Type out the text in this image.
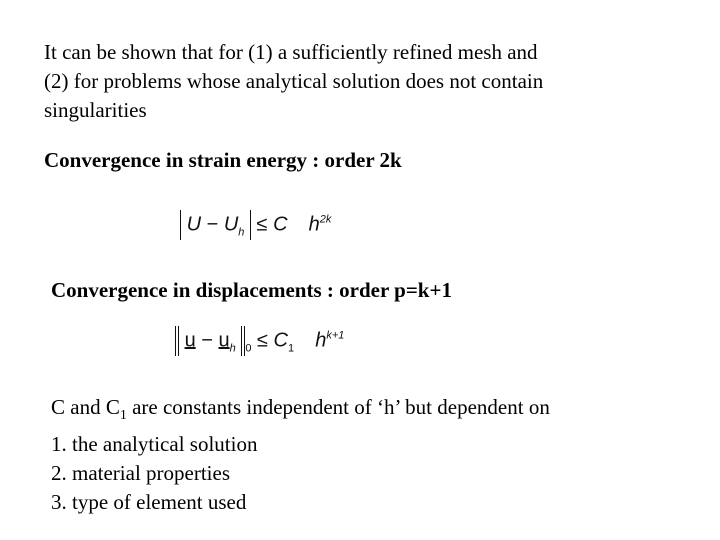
It can be shown that for (1) a sufficiently refined mesh and
(2) for problems whose analytical solution does not contain
singularities
Convergence in strain energy : order 2k
$U - U_h \le C$ $h^{2k}$
Convergence in displacements : order p=k+1
$u - u_h$ $_0 \le C_1$ $h^{k+1}$
C and $C_1$ are constants independent of ‘h’ but dependent on
1. the analytical solution
2. material properties
3. type of element used
